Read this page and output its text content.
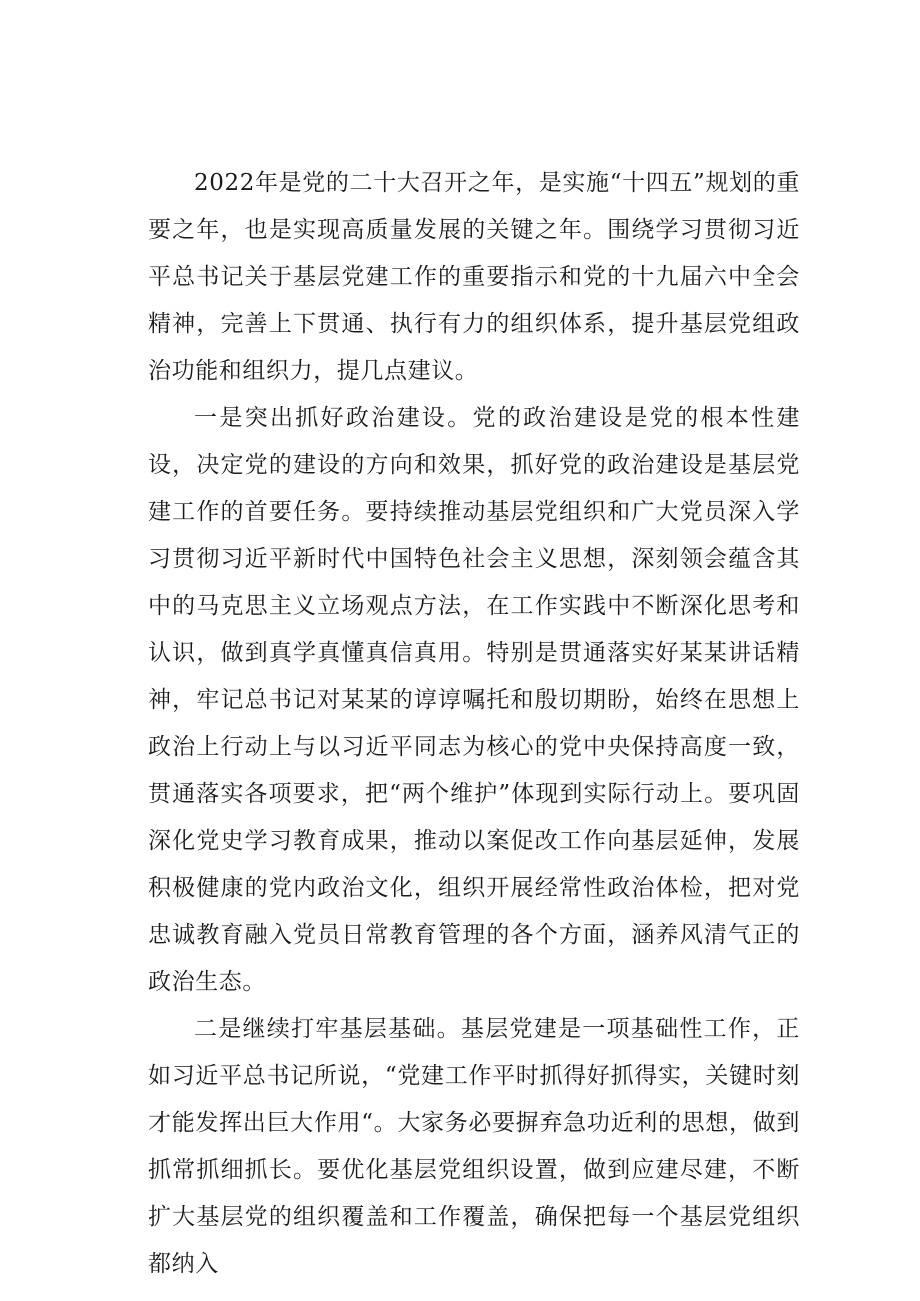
2022年是党的二十大召开之年，是实施“十四五”规划的重要之年，也是实现高质量发展的关键之年。围绕学习贯彻习近平总书记关于基层党建工作的重要指示和党的十九届六中全会精神，完善上下贯通、执行有力的组织体系，提升基层党组政治功能和组织力，提几点建议。

一是突出抓好政治建设。党的政治建设是党的根本性建设，决定党的建设的方向和效果，抓好党的政治建设是基层党建工作的首要任务。要持续推动基层党组织和广大党员深入学习贯彻习近平新时代中国特色社会主义思想，深刻领会蕴含其中的马克思主义立场观点方法，在工作实践中不断深化思考和认识，做到真学真懂真信真用。特别是贯通落实好某某讲话精神，牢记总书记对某某的谆谆嘱托和殷切期盼，始终在思想上政治上行动上与以习近平同志为核心的党中央保持高度一致，贯通落实各项要求，把“两个维护”体现到实际行动上。要巩固深化党史学习教育成果，推动以案促改工作向基层延伸，发展积极健康的党内政治文化，组织开展经常性政治体检，把对党忠诚教育融入党员日常教育管理的各个方面，涵养风清气正的政治生态。

二是继续打牢基层基础。基层党建是一项基础性工作，正如习近平总书记所说，“党建工作平时抓得好抓得实，关键时刻才能发挥出巨大作用“。大家务必要摒弃急功近利的思想，做到抓常抓细抓长。要优化基层党组织设置，做到应建尽建，不断扩大基层党的组织覆盖和工作覆盖，确保把每一个基层党组织都纳入
